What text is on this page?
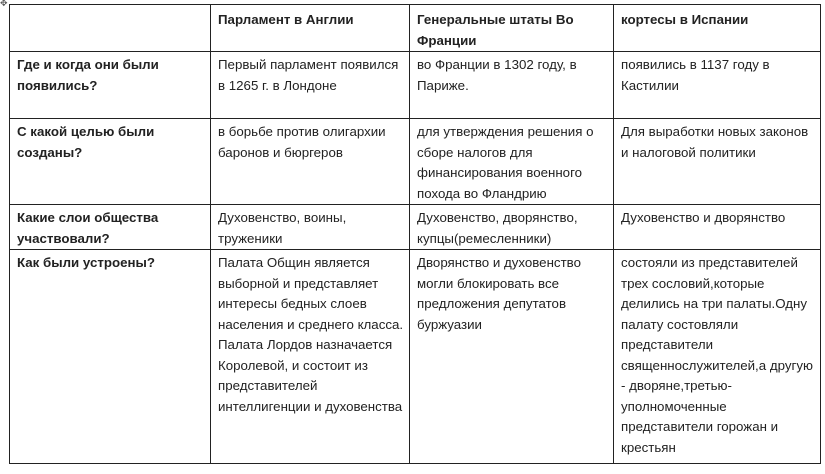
✥

	Парламент в Англии	Генеральные штаты Во Франции	кортесы в Испании

Где и когда они были появились?	Первый парламент появился в 1265 г. в Лондоне	во Франции в 1302 году, в Париже.	появились в 1137 году в Кастилии

С какой целью были созданы?	в борьбе против олигархии баронов и бюргеров	для утверждения решения о сборе налогов для финансирования военного похода во Фландрию	Для выработки новых законов и налоговой политики

Какие слои общества участвовали?	Духовенство, воины, труженики	Духовенство, дворянство, купцы(ремесленники)	Духовенство и дворянство

Как были устроены?	Палата Общин является выборной и представляет интересы бедных слоев населения и среднего класса. Палата Лордов назначается Королевой, и состоит из представителей интеллигенции и духовенства	Дворянство и духовенство могли блокировать все предложения депутатов буржуазии	состояли из представителей трех сословий,которые делились на три палаты.Одну палату состовляли представители священнослужителей,а другую - дворяне,третью-уполномоченные представители горожан и крестьян
